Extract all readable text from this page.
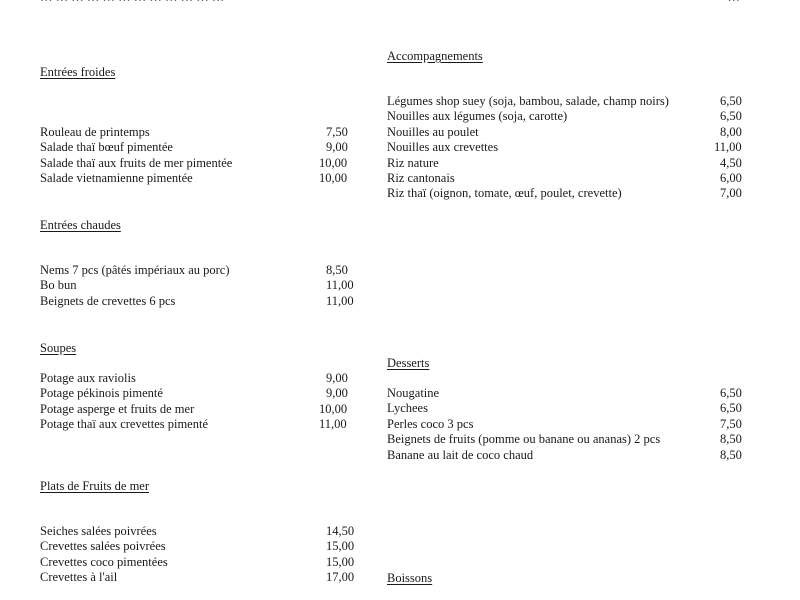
Entrées froides
Rouleau de printemps	7,50
Salade thaï bœuf pimentée	9,00
Salade thaï aux fruits de mer pimentée	10,00
Salade vietnamienne pimentée	10,00
Entrées chaudes
Nems 7 pcs (pâtés impériaux au porc)	8,50
Bo bun	11,00
Beignets de crevettes 6 pcs	11,00
Soupes
Potage aux raviolis	9,00
Potage pékinois pimenté	9,00
Potage asperge et fruits de mer	10,00
Potage thaï aux crevettes pimenté	11,00
Plats de Fruits de mer
Seiches salées poivrées	14,50
Crevettes salées poivrées	15,00
Crevettes coco pimentées	15,00
Crevettes à l'ail	17,00
Accompagnements
Légumes shop suey (soja, bambou, salade, champ noirs)	6,50
Nouilles aux légumes (soja, carotte)	6,50
Nouilles au poulet	8,00
Nouilles aux crevettes	11,00
Riz nature	4,50
Riz cantonais	6,00
Riz thaï (oignon, tomate, œuf, poulet, crevette)	7,00
Desserts
Nougatine	6,50
Lychees	6,50
Perles coco 3 pcs	7,50
Beignets de fruits (pomme ou banane ou ananas) 2 pcs	8,50
Banane au lait de coco chaud	8,50
Boissons
